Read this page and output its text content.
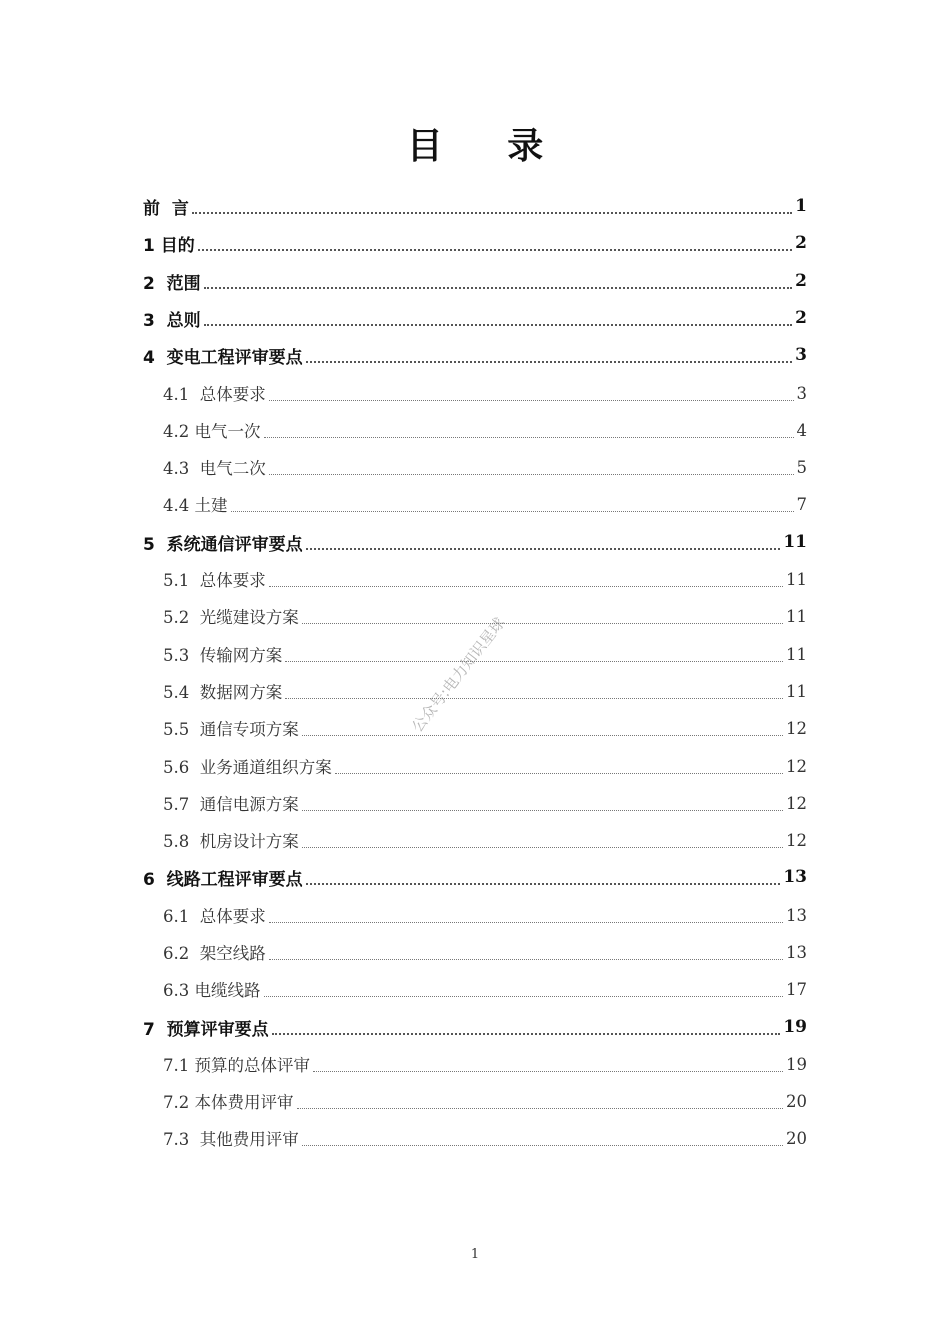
目 录
前  言	1
1 目的	2
2  范围	2
3  总则	2
4  变电工程评审要点	3
4.1  总体要求	3
4.2 电气一次	4
4.3  电气二次	5
4.4 土建	7
5  系统通信评审要点	11
5.1  总体要求	11
5.2  光缆建设方案	11
5.3  传输网方案	11
5.4  数据网方案	11
5.5  通信专项方案	12
5.6  业务通道组织方案	12
5.7  通信电源方案	12
5.8  机房设计方案	12
6  线路工程评审要点	13
6.1  总体要求	13
6.2  架空线路	13
6.3 电缆线路	17
7  预算评审要点	19
7.1 预算的总体评审	19
7.2 本体费用评审	20
7.3  其他费用评审	20
公众号:电力知识星球
1
